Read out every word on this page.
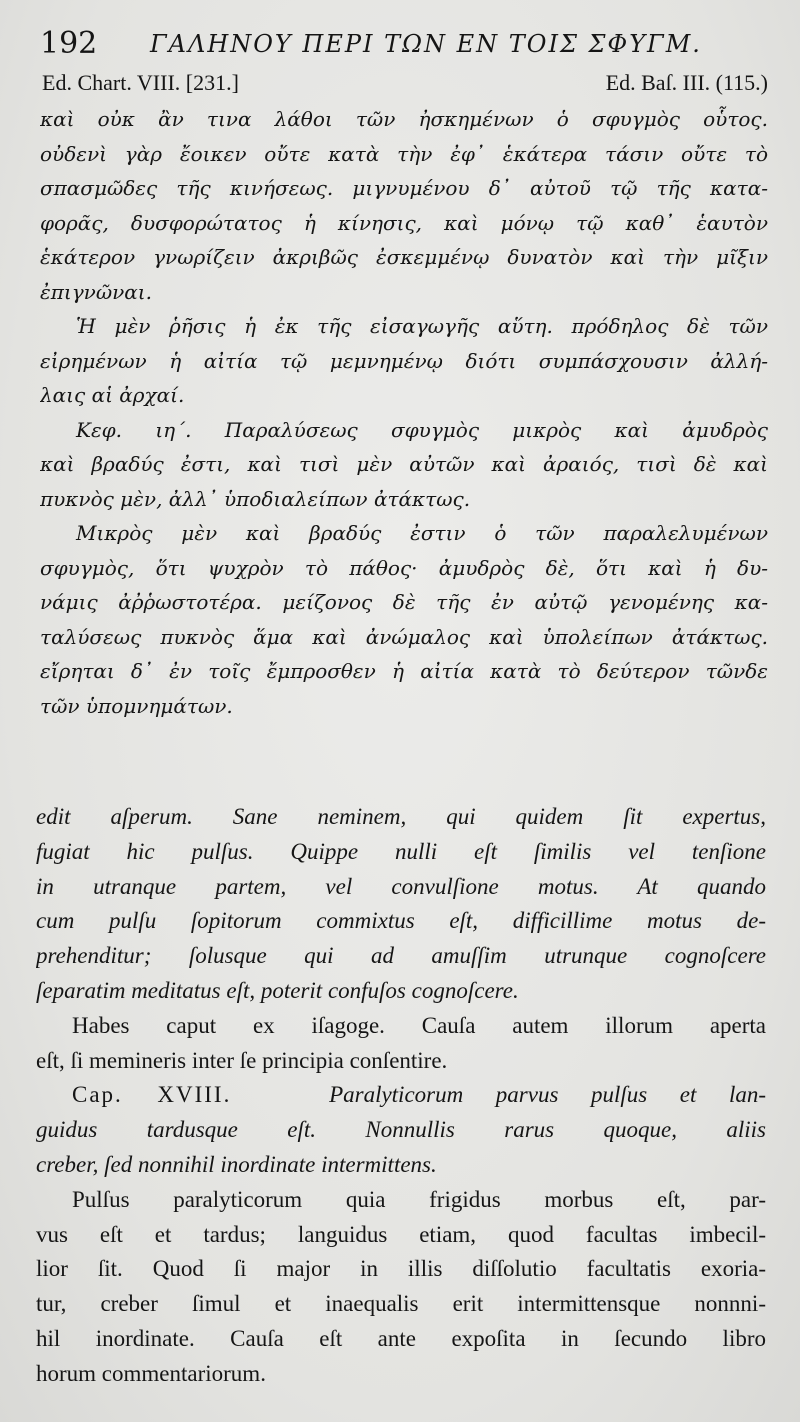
192 ΓΑΛΗΝΟΥ ΠΕΡΙ ΤΩΝ ΕΝ ΤΟΙΣ ΣΦΥΓΜ.
Ed. Chart. VIII. [231.]	Ed. Baſ. III. (115.)
καὶ οὐκ ἂν τινα λάθοι τῶν ἠσκημένων ὁ σφυγμὸς οὗτος.
οὐδενὶ γὰρ ἔοικεν οὔτε κατὰ τὴν ἐφ᾽ ἑκάτερα τάσιν οὔτε τὸ
σπασμῶδες τῆς κινήσεως. μιγνυμένου δ᾽ αὐτοῦ τῷ τῆς κατα-
φορᾶς, δυσφορώτατος ἡ κίνησις, καὶ μόνῳ τῷ καθ᾽ ἑαυτὸν
ἑκάτερον γνωρίζειν ἀκριβῶς ἐσκεμμένῳ δυνατὸν καὶ τὴν μῖξιν
ἐπιγνῶναι.
Ἡ μὲν ῥῆσις ἡ ἐκ τῆς εἰσαγωγῆς αὕτη. πρόδηλος δὲ τῶν
εἰρημένων ἡ αἰτία τῷ μεμνημένῳ διότι συμπάσχουσιν ἀλλή-
λαις αἱ ἀρχαί.
Κεφ. ιη΄. Παραλύσεως σφυγμὸς μικρὸς καὶ ἀμυδρὸς
καὶ βραδύς ἐστι, καὶ τισὶ μὲν αὐτῶν καὶ ἀραιός, τισὶ δὲ καὶ
πυκνὸς μὲν, ἀλλ᾽ ὑποδιαλείπων ἀτάκτως.
Μικρὸς μὲν καὶ βραδύς ἐστιν ὁ τῶν παραλελυμένων
σφυγμὸς, ὅτι ψυχρὸν τὸ πάθος· ἀμυδρὸς δὲ, ὅτι καὶ ἡ δυ-
νάμις ἀῤῥωστοτέρα. μείζονος δὲ τῆς ἐν αὐτῷ γενομένης κα-
ταλύσεως πυκνὸς ἅμα καὶ ἀνώμαλος καὶ ὑπολείπων ἀτάκτως.
εἴρηται δ᾽ ἐν τοῖς ἔμπροσθεν ἡ αἰτία κατὰ τὸ δεύτερον τῶνδε
τῶν ὑπομνημάτων.
edit aſperum. Sane neminem, qui quidem ſit expertus,
fugiat hic pulſus. Quippe nulli eſt ſimilis vel tenſione
in utranque partem, vel convulſione motus. At quando
cum pulſu ſopitorum commixtus eſt, difficillime motus de-
prehenditur; ſolusque qui ad amuſſim utrunque cognoſcere
ſeparatim meditatus eſt, poterit confuſos cognoſcere.
Habes caput ex iſagoge. Cauſa autem illorum aperta
eſt, ſi memineris inter ſe principia conſentire.
Cap. XVIII.	Paralyticorum parvus pulſus et lan-
guidus tardusque eſt. Nonnullis rarus quoque, aliis
creber, ſed nonnihil inordinate intermittens.
Pulſus paralyticorum quia frigidus morbus eſt, par-
vus eſt et tardus; languidus etiam, quod facultas imbecil-
lior ſit. Quod ſi major in illis diſſolutio facultatis exoria-
tur, creber ſimul et inaequalis erit intermittensque nonnni-
hil inordinate. Cauſa eſt ante expoſita in ſecundo libro
horum commentariorum.
